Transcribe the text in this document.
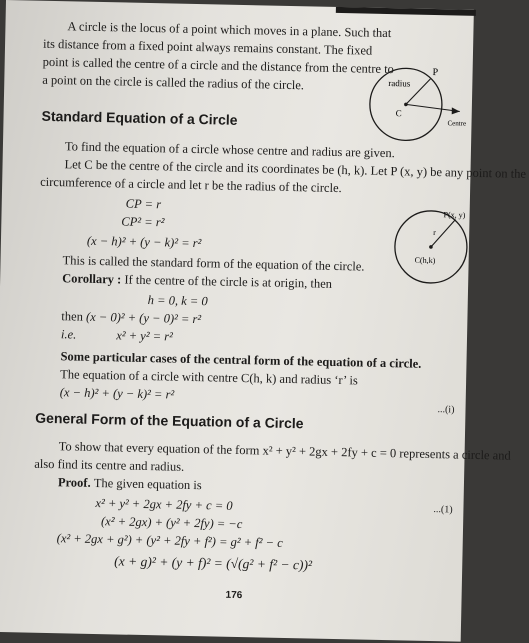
A circle is the locus of a point which moves in a plane. Such that
its distance from a fixed point always remains constant. The fixed
point is called the centre of a circle and the distance from the centre to
a point on the circle is called the radius of the circle.	radius
P
C
Centre
Standard Equation of a Circle
To find the equation of a circle whose centre and radius are given.
Let C be the centre of the circle and its coordinates be (h, k). Let P (x, y) be any point on the
circumference of a circle and let r be the radius of the circle.
CP = r
CP² = r²
(x − h)² + (y − k)² = r²
r
P(x, y)
C(h,k)
This is called the standard form of the equation of the circle.
Corollary : If the centre of the circle is at origin, then
h = 0, k = 0
then (x − 0)² + (y − 0)² = r²
i.e.	x² + y² = r²
Some particular cases of the central form of the equation of a circle.
The equation of a circle with centre C(h, k) and radius ‘r’ is
(x − h)² + (y − k)² = r²
...(i)
General Form of the Equation of a Circle
To show that every equation of the form x² + y² + 2gx + 2fy + c = 0 represents a circle and
also find its centre and radius.
Proof. The given equation is
x² + y² + 2gx + 2fy + c = 0	...(1)
(x² + 2gx) + (y² + 2fy) = −c
(x² + 2gx + g²) + (y² + 2fy + f²) = g² + f² − c
(x + g)² + (y + f)² = (√(g² + f² − c))²
176
